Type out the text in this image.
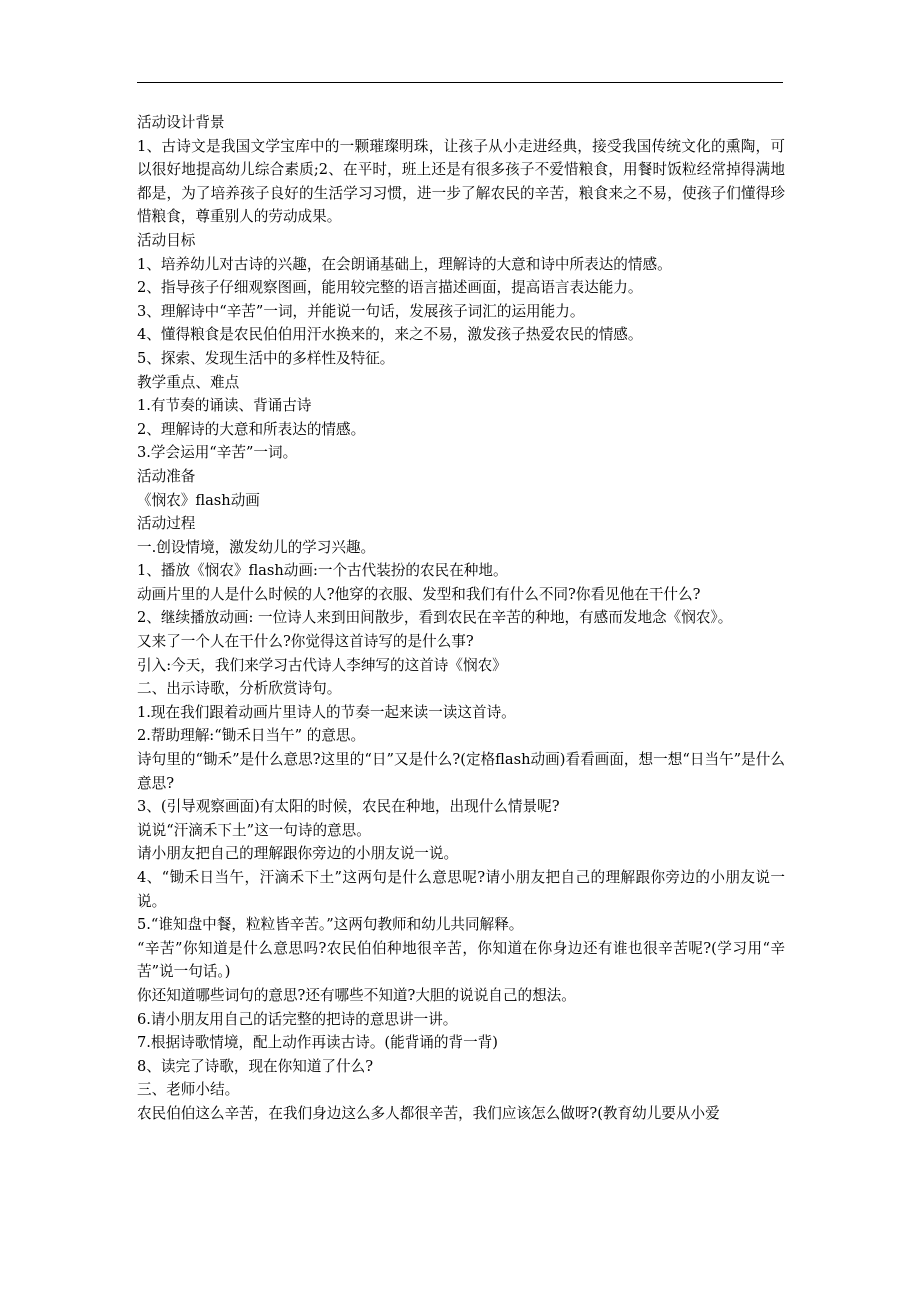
活动设计背景

1、古诗文是我国文学宝库中的一颗璀璨明珠，让孩子从小走进经典，接受我国传统文化的熏陶，可以很好地提高幼儿综合素质;2、在平时，班上还是有很多孩子不爱惜粮食，用餐时饭粒经常掉得满地都是，为了培养孩子良好的生活学习习惯，进一步了解农民的辛苦，粮食来之不易，使孩子们懂得珍惜粮食，尊重别人的劳动成果。

活动目标

1、培养幼儿对古诗的兴趣，在会朗诵基础上，理解诗的大意和诗中所表达的情感。

2、指导孩子仔细观察图画，能用较完整的语言描述画面，提高语言表达能力。

3、理解诗中“辛苦”一词，并能说一句话，发展孩子词汇的运用能力。

4、懂得粮食是农民伯伯用汗水换来的，来之不易，激发孩子热爱农民的情感。

5、探索、发现生活中的多样性及特征。

教学重点、难点

1.有节奏的诵读、背诵古诗

2、理解诗的大意和所表达的情感。

3.学会运用“辛苦”一词。

活动准备

《悯农》flash动画

活动过程

一.创设情境，激发幼儿的学习兴趣。

1、播放《悯农》flash动画:一个古代装扮的农民在种地。

动画片里的人是什么时候的人?他穿的衣服、发型和我们有什么不同?你看见他在干什么?

2、继续播放动画: 一位诗人来到田间散步，看到农民在辛苦的种地，有感而发地念《悯农》。

又来了一个人在干什么?你觉得这首诗写的是什么事?

引入:今天，我们来学习古代诗人李绅写的这首诗《悯农》

二、出示诗歌，分析欣赏诗句。

1.现在我们跟着动画片里诗人的节奏一起来读一读这首诗。

2.帮助理解:“锄禾日当午” 的意思。

诗句里的“锄禾”是什么意思?这里的“日”又是什么?(定格flash动画)看看画面，想一想“日当午”是什么意思?

3、(引导观察画面)有太阳的时候，农民在种地，出现什么情景呢?

说说“汗滴禾下土”这一句诗的意思。

请小朋友把自己的理解跟你旁边的小朋友说一说。

4、“锄禾日当午，汗滴禾下土”这两句是什么意思呢?请小朋友把自己的理解跟你旁边的小朋友说一说。

5.“谁知盘中餐，粒粒皆辛苦。”这两句教师和幼儿共同解释。

“辛苦”你知道是什么意思吗?农民伯伯种地很辛苦，你知道在你身边还有谁也很辛苦呢?(学习用“辛苦”说一句话。)

你还知道哪些词句的意思?还有哪些不知道?大胆的说说自己的想法。

6.请小朋友用自己的话完整的把诗的意思讲一讲。

7.根据诗歌情境，配上动作再读古诗。(能背诵的背一背)

8、读完了诗歌，现在你知道了什么?

三、老师小结。

农民伯伯这么辛苦，在我们身边这么多人都很辛苦，我们应该怎么做呀?(教育幼儿要从小爱
